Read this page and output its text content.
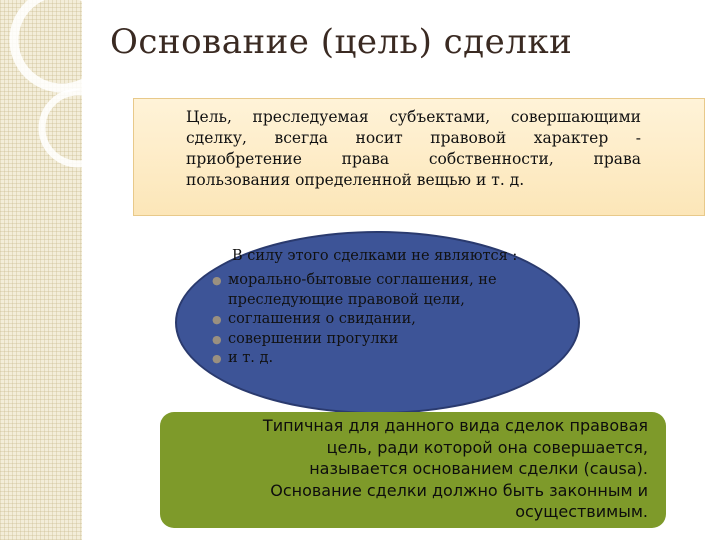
Основание (цель) сделки
Цель, преследуемая субъектами, совершающими сделку, всегда носит правовой характер - приобретение права собственности, права пользования определенной вещью и т. д.
В силу этого сделками не являются :
● морально-бытовые соглашения, не преследующие правовой цели,
● соглашения о свидании,
● совершении прогулки
● и т. д.
Типичная для данного вида сделок правовая
цель, ради которой она совершается,
называется основанием сделки (causa).
Основание сделки должно быть законным и
осуществимым.
